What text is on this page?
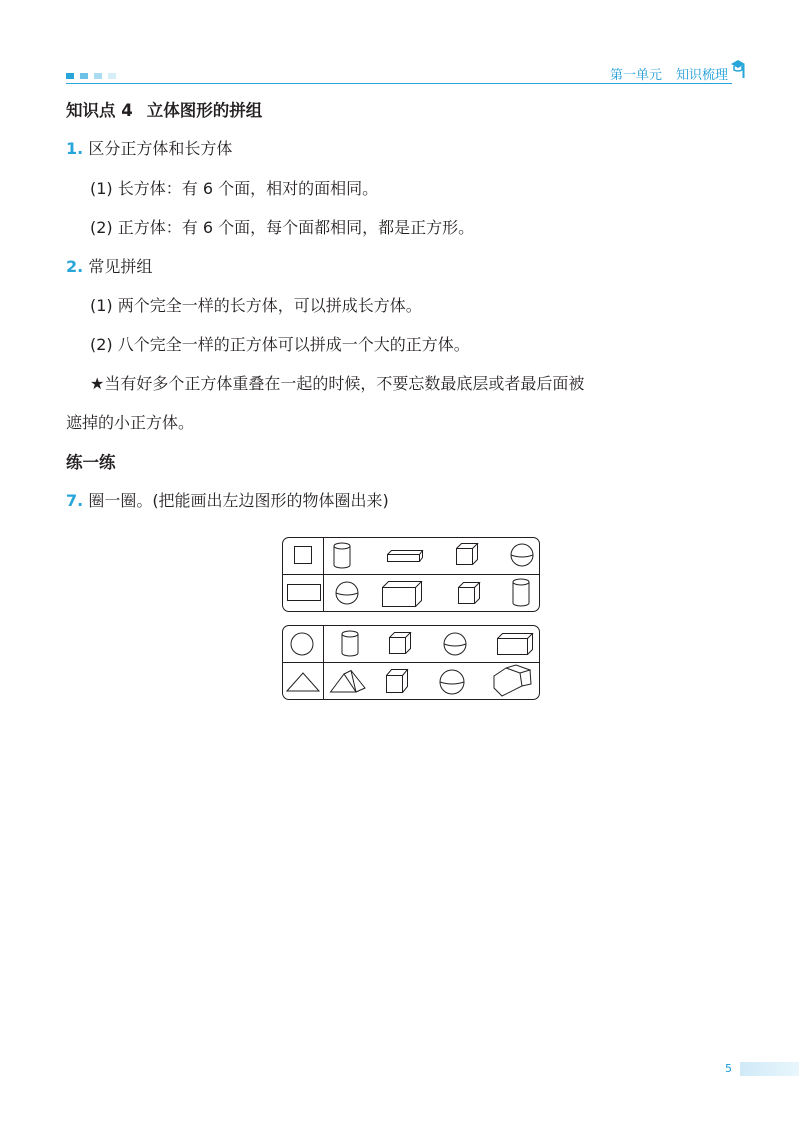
第一单元 知识梳理
知识点 4 立体图形的拼组
1. 区分正方体和长方体
(1) 长方体：有 6 个面，相对的面相同。
(2) 正方体：有 6 个面，每个面都相同，都是正方形。
2. 常见拼组
(1) 两个完全一样的长方体，可以拼成长方体。
(2) 八个完全一样的正方体可以拼成一个大的正方体。
★当有好多个正方体重叠在一起的时候，不要忘数最底层或者最后面被
遮掉的小正方体。
练一练
7. 圈一圈。(把能画出左边图形的物体圈出来)
5
